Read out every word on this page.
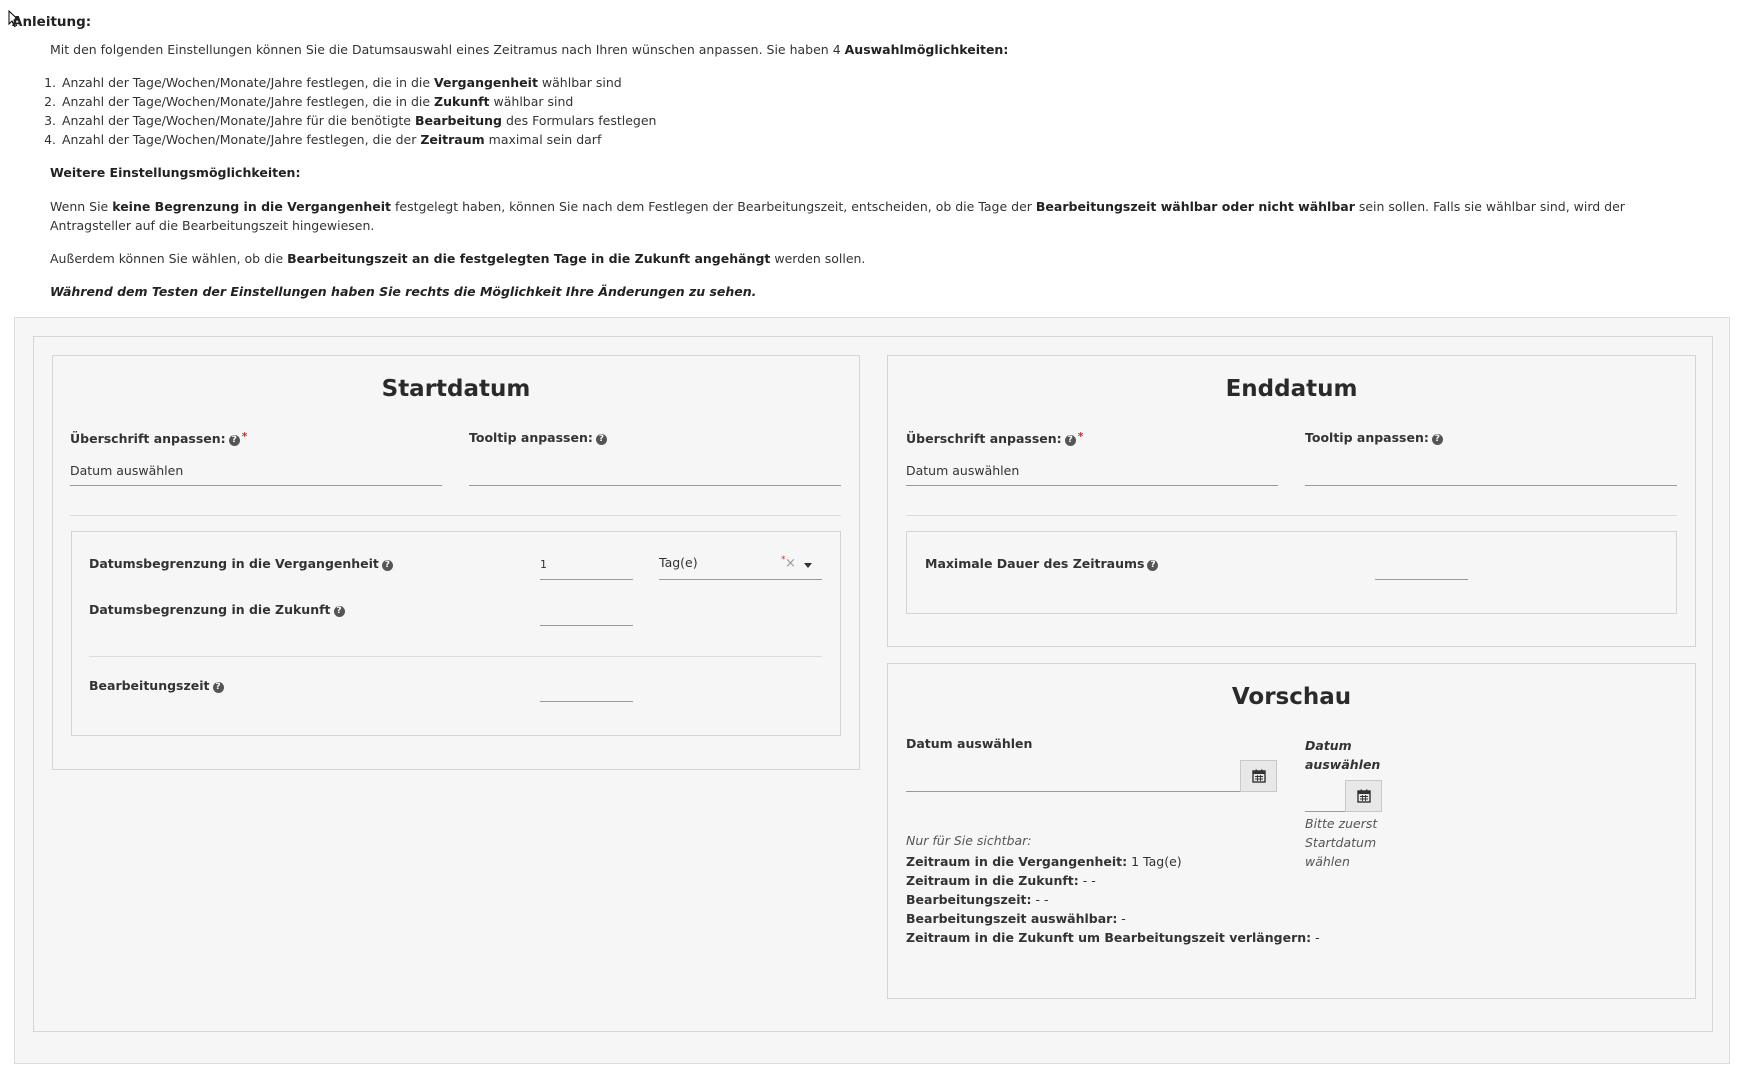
Anleitung:
Mit den folgenden Einstellungen können Sie die Datumsauswahl eines Zeitramus nach Ihren wünschen anpassen. Sie haben 4 Auswahlmöglichkeiten:
1. Anzahl der Tage/Wochen/Monate/Jahre festlegen, die in die Vergangenheit wählbar sind
2. Anzahl der Tage/Wochen/Monate/Jahre festlegen, die in die Zukunft wählbar sind
3. Anzahl der Tage/Wochen/Monate/Jahre für die benötigte Bearbeitung des Formulars festlegen
4. Anzahl der Tage/Wochen/Monate/Jahre festlegen, die der Zeitraum maximal sein darf
Weitere Einstellungsmöglichkeiten:
Wenn Sie keine Begrenzung in die Vergangenheit festgelegt haben, können Sie nach dem Festlegen der Bearbeitungszeit, entscheiden, ob die Tage der Bearbeitungszeit wählbar oder nicht wählbar sein sollen. Falls sie wählbar sind, wird der Antragsteller auf die Bearbeitungszeit hingewiesen.
Außerdem können Sie wählen, ob die Bearbeitungszeit an die festgelegten Tage in die Zukunft angehängt werden sollen.
Während dem Testen der Einstellungen haben Sie rechts die Möglichkeit Ihre Änderungen zu sehen.
Startdatum
Überschrift anpassen: ? *
Datum auswählen	Tooltip anpassen: ?
Datumsbegrenzung in die Vergangenheit ?
1	Tag(e)	* ×
Datumsbegrenzung in die Zukunft ?
Bearbeitungszeit ?
Enddatum
Überschrift anpassen: ? *
Datum auswählen	Tooltip anpassen: ?
Maximale Dauer des Zeitraums ?
Vorschau
Datum auswählen	Datum auswählen
Bitte zuerst Startdatum wählen
Nur für Sie sichtbar:
Zeitraum in die Vergangenheit: 1 Tag(e)
Zeitraum in die Zukunft: - -
Bearbeitungszeit: - -
Bearbeitungszeit auswählbar: -
Zeitraum in die Zukunft um Bearbeitungszeit verlängern: -
